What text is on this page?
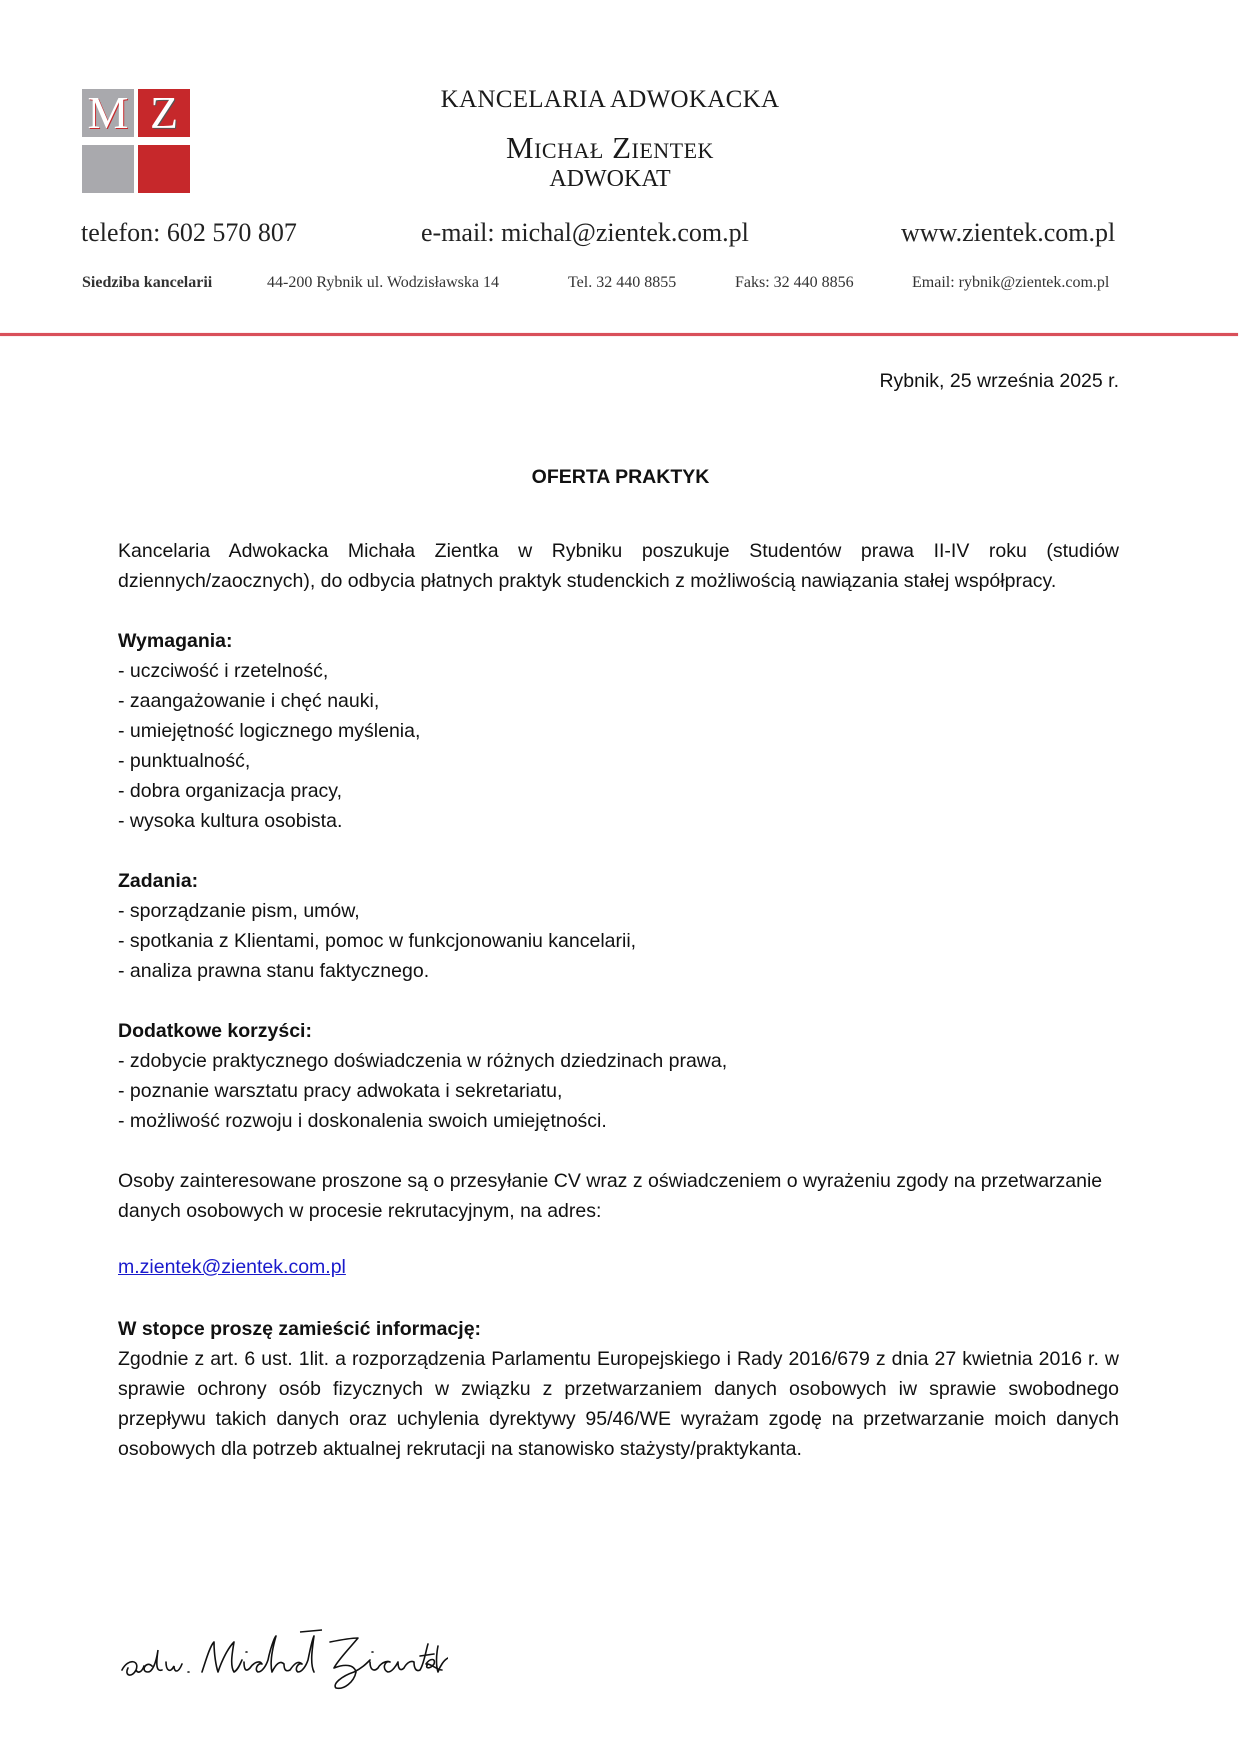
M Z	KANCELARIA ADWOKACKA
Michał Zientek
ADWOKAT
telefon: 602 570 807	e-mail: michal@zientek.com.pl	www.zientek.com.pl
Siedziba kancelarii	44-200 Rybnik ul. Wodzisławska 14	Tel. 32 440 8855	Faks: 32 440 8856	Email: rybnik@zientek.com.pl
Rybnik, 25 września 2025 r.
OFERTA PRAKTYK

Kancelaria Adwokacka Michała Zientka w Rybniku poszukuje Studentów prawa II-IV roku (studiów dziennych/zaocznych), do odbycia płatnych praktyk studenckich z możliwością nawiązania stałej współpracy.

Wymagania:
- uczciwość i rzetelność,
- zaangażowanie i chęć nauki,
- umiejętność logicznego myślenia,
- punktualność,
- dobra organizacja pracy,
- wysoka kultura osobista.
Zadania:
- sporządzanie pism, umów,
- spotkania z Klientami, pomoc w funkcjonowaniu kancelarii,
- analiza prawna stanu faktycznego.
Dodatkowe korzyści:
- zdobycie praktycznego doświadczenia w różnych dziedzinach prawa,
- poznanie warsztatu pracy adwokata i sekretariatu,
- możliwość rozwoju i doskonalenia swoich umiejętności.

Osoby zainteresowane proszone są o przesyłanie CV wraz z oświadczeniem o wyrażeniu zgody na przetwarzanie danych osobowych w procesie rekrutacyjnym, na adres:

m.zientek@zientek.com.pl
W stopce proszę zamieścić informację:

Zgodnie z art. 6 ust. 1lit. a rozporządzenia Parlamentu Europejskiego i Rady 2016/679 z dnia 27 kwietnia 2016 r. w sprawie ochrony osób fizycznych w związku z przetwarzaniem danych osobowych iw sprawie swobodnego przepływu takich danych oraz uchylenia dyrektywy 95/46/WE wyrażam zgodę na przetwarzanie moich danych osobowych dla potrzeb aktualnej rekrutacji na stanowisko stażysty/praktykanta.
